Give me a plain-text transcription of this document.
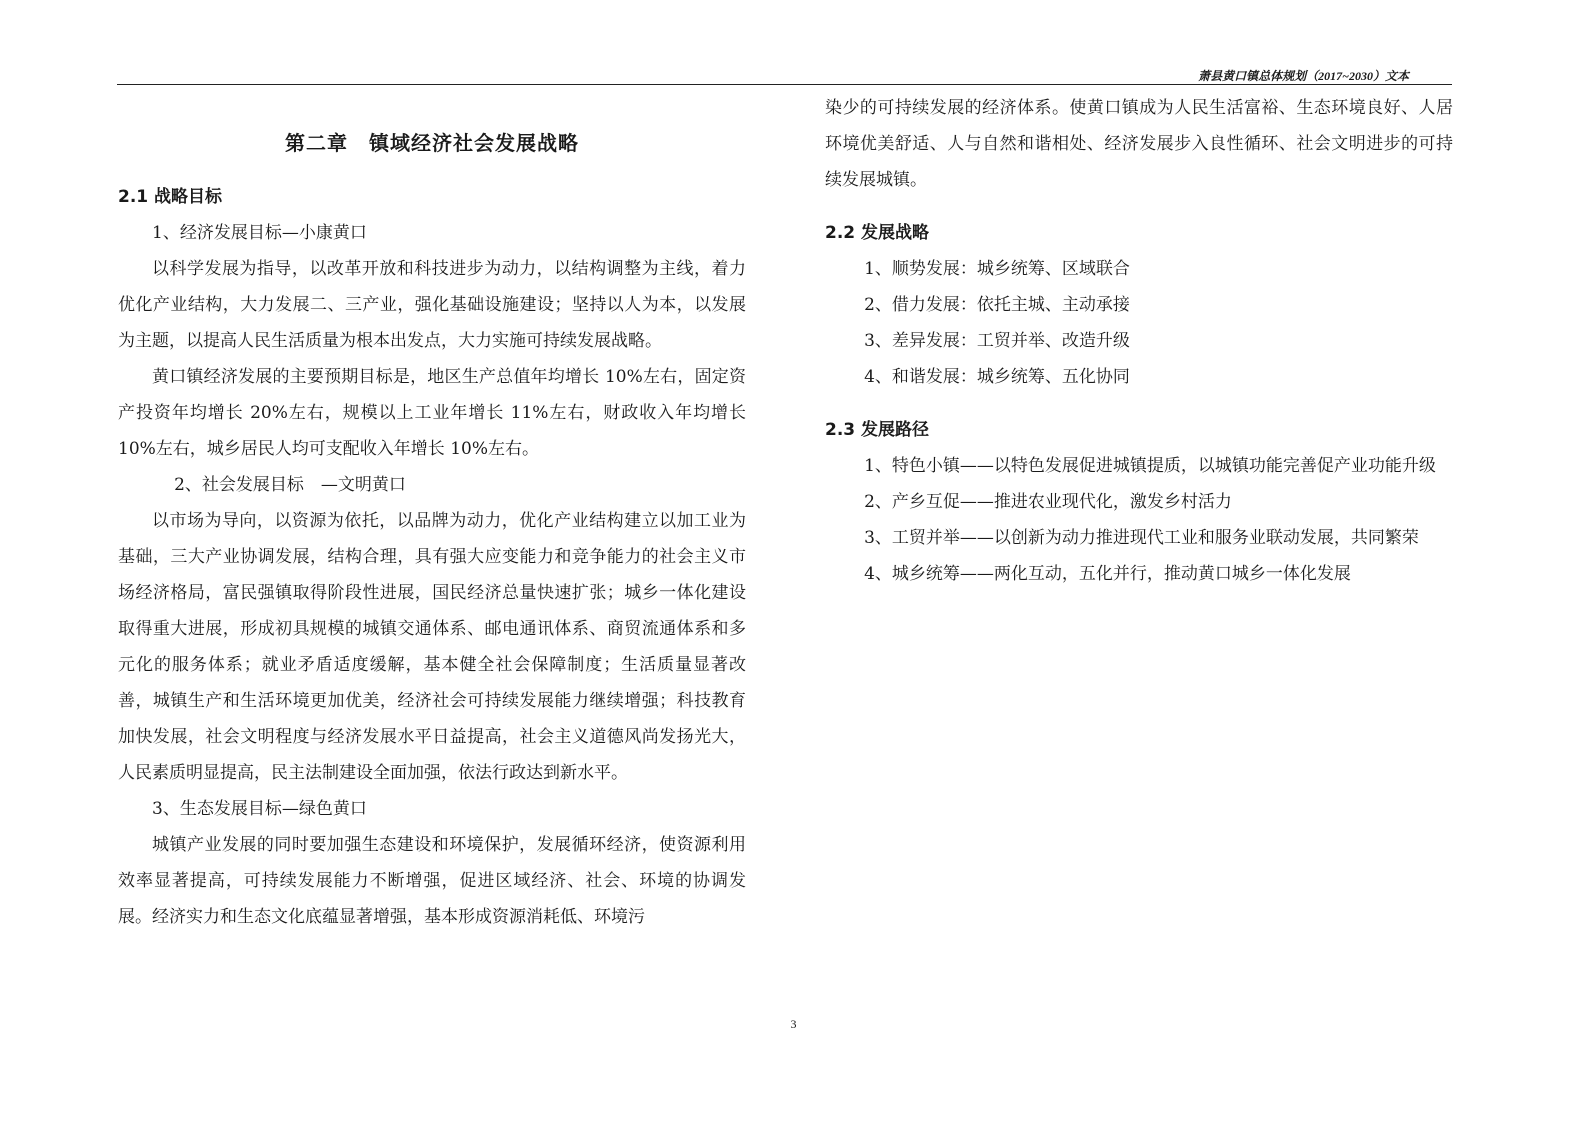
萧县黄口镇总体规划（2017~2030）文本
第二章　镇域经济社会发展战略
2.1 战略目标

1、经济发展目标—小康黄口

以科学发展为指导，以改革开放和科技进步为动力，以结构调整为主线，着力优化产业结构，大力发展二、三产业，强化基础设施建设；坚持以人为本，以发展为主题，以提高人民生活质量为根本出发点，大力实施可持续发展战略。

黄口镇经济发展的主要预期目标是，地区生产总值年均增长 10%左右，固定资产投资年均增长 20%左右，规模以上工业年增长 11%左右，财政收入年均增长 10%左右，城乡居民人均可支配收入年增长 10%左右。

2、社会发展目标　—文明黄口

以市场为导向，以资源为依托，以品牌为动力，优化产业结构建立以加工业为基础，三大产业协调发展，结构合理，具有强大应变能力和竞争能力的社会主义市场经济格局，富民强镇取得阶段性进展，国民经济总量快速扩张；城乡一体化建设取得重大进展，形成初具规模的城镇交通体系、邮电通讯体系、商贸流通体系和多元化的服务体系；就业矛盾适度缓解，基本健全社会保障制度；生活质量显著改善，城镇生产和生活环境更加优美，经济社会可持续发展能力继续增强；科技教育加快发展，社会文明程度与经济发展水平日益提高，社会主义道德风尚发扬光大，人民素质明显提高，民主法制建设全面加强，依法行政达到新水平。

3、生态发展目标—绿色黄口

城镇产业发展的同时要加强生态建设和环境保护，发展循环经济，使资源利用效率显著提高，可持续发展能力不断增强，促进区域经济、社会、环境的协调发展。经济实力和生态文化底蕴显著增强，基本形成资源消耗低、环境污

染少的可持续发展的经济体系。使黄口镇成为人民生活富裕、生态环境良好、人居环境优美舒适、人与自然和谐相处、经济发展步入良性循环、社会文明进步的可持续发展城镇。

2.2 发展战略

1、顺势发展：城乡统筹、区域联合

2、借力发展：依托主城、主动承接

3、差异发展：工贸并举、改造升级

4、和谐发展：城乡统筹、五化协同

2.3 发展路径

1、特色小镇——以特色发展促进城镇提质，以城镇功能完善促产业功能升级

2、产乡互促——推进农业现代化，激发乡村活力

3、工贸并举——以创新为动力推进现代工业和服务业联动发展，共同繁荣

4、城乡统筹——两化互动，五化并行，推动黄口城乡一体化发展

3
